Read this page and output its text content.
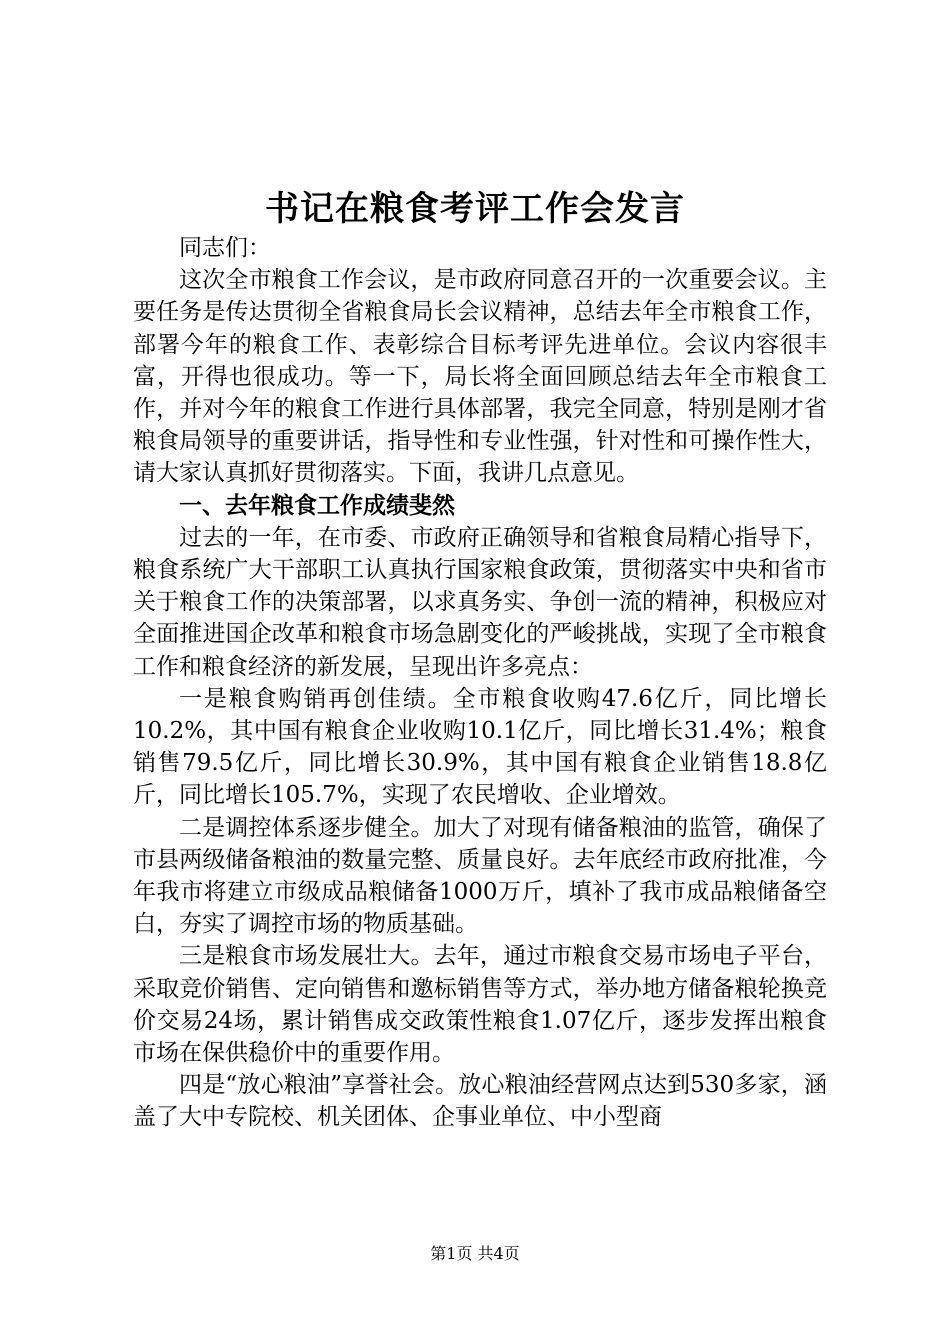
书记在粮食考评工作会发言

同志们：

这次全市粮食工作会议，是市政府同意召开的一次重要会议。主要任务是传达贯彻全省粮食局长会议精神，总结去年全市粮食工作，部署今年的粮食工作、表彰综合目标考评先进单位。会议内容很丰富，开得也很成功。等一下，局长将全面回顾总结去年全市粮食工作，并对今年的粮食工作进行具体部署，我完全同意，特别是刚才省粮食局领导的重要讲话，指导性和专业性强，针对性和可操作性大，请大家认真抓好贯彻落实。下面，我讲几点意见。

一、去年粮食工作成绩斐然

过去的一年，在市委、市政府正确领导和省粮食局精心指导下，粮食系统广大干部职工认真执行国家粮食政策，贯彻落实中央和省市关于粮食工作的决策部署，以求真务实、争创一流的精神，积极应对全面推进国企改革和粮食市场急剧变化的严峻挑战，实现了全市粮食工作和粮食经济的新发展，呈现出许多亮点：

一是粮食购销再创佳绩。全市粮食收购47.6亿斤，同比增长10.2%，其中国有粮食企业收购10.1亿斤，同比增长31.4%；粮食销售79.5亿斤，同比增长30.9%，其中国有粮食企业销售18.8亿斤，同比增长105.7%，实现了农民增收、企业增效。

二是调控体系逐步健全。加大了对现有储备粮油的监管，确保了市县两级储备粮油的数量完整、质量良好。去年底经市政府批准，今年我市将建立市级成品粮储备1000万斤，填补了我市成品粮储备空白，夯实了调控市场的物质基础。

三是粮食市场发展壮大。去年，通过市粮食交易市场电子平台，采取竞价销售、定向销售和邀标销售等方式，举办地方储备粮轮换竞价交易24场，累计销售成交政策性粮食1.07亿斤，逐步发挥出粮食市场在保供稳价中的重要作用。

四是“放心粮油”享誉社会。放心粮油经营网点达到530多家，涵盖了大中专院校、机关团体、企事业单位、中小型商

第1页 共4页
